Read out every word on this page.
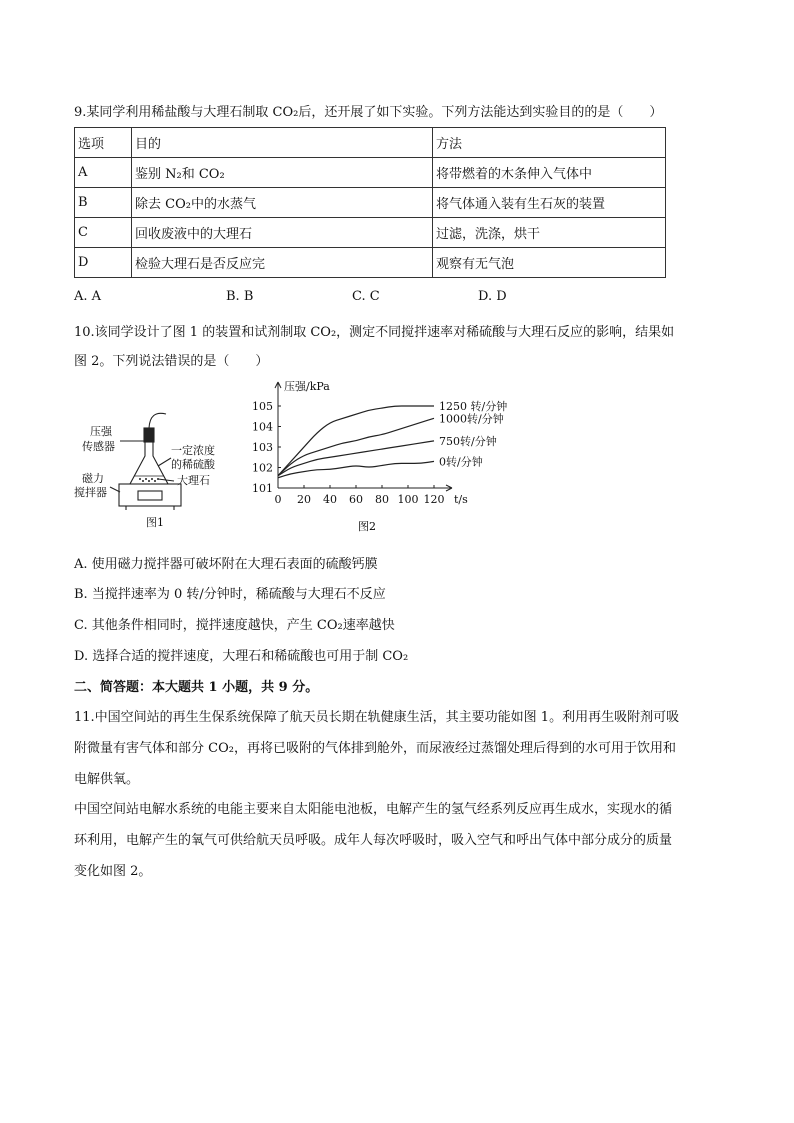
9.某同学利用稀盐酸与大理石制取 CO₂后，还开展了如下实验。下列方法能达到实验目的的是（　　）
选项	目的	方法
A	鉴别 N₂和 CO₂	将带燃着的木条伸入气体中
B	除去 CO₂中的水蒸气	将气体通入装有生石灰的装置
C	回收废液中的大理石	过滤，洗涤，烘干
D	检验大理石是否反应完	观察有无气泡
A. A	B. B	C. C	D. D
10.该同学设计了图 1 的装置和试剂制取 CO₂，测定不同搅拌速率对稀硫酸与大理石反应的影响，结果如
图 2。下列说法错误的是（　　）
压强
传感器	一定浓度
的稀硫酸
大理石
磁力
搅拌器
图1
0 20 40 60 80 100 120
101
102
103
104
105
t/s
压强/kPa
1250 转/分钟
1000转/分钟
750转/分钟
0转/分钟
图2
A. 使用磁力搅拌器可破坏附在大理石表面的硫酸钙膜
B. 当搅拌速率为 0 转/分钟时，稀硫酸与大理石不反应
C. 其他条件相同时，搅拌速度越快，产生 CO₂速率越快
D. 选择合适的搅拌速度，大理石和稀硫酸也可用于制 CO₂
二、简答题：本大题共 1 小题，共 9 分。
11.中国空间站的再生生保系统保障了航天员长期在轨健康生活，其主要功能如图 1。利用再生吸附剂可吸
附微量有害气体和部分 CO₂，再将已吸附的气体排到舱外，而尿液经过蒸馏处理后得到的水可用于饮用和
电解供氧。
中国空间站电解水系统的电能主要来自太阳能电池板，电解产生的氢气经系列反应再生成水，实现水的循
环利用，电解产生的氧气可供给航天员呼吸。成年人每次呼吸时，吸入空气和呼出气体中部分成分的质量
变化如图 2。
